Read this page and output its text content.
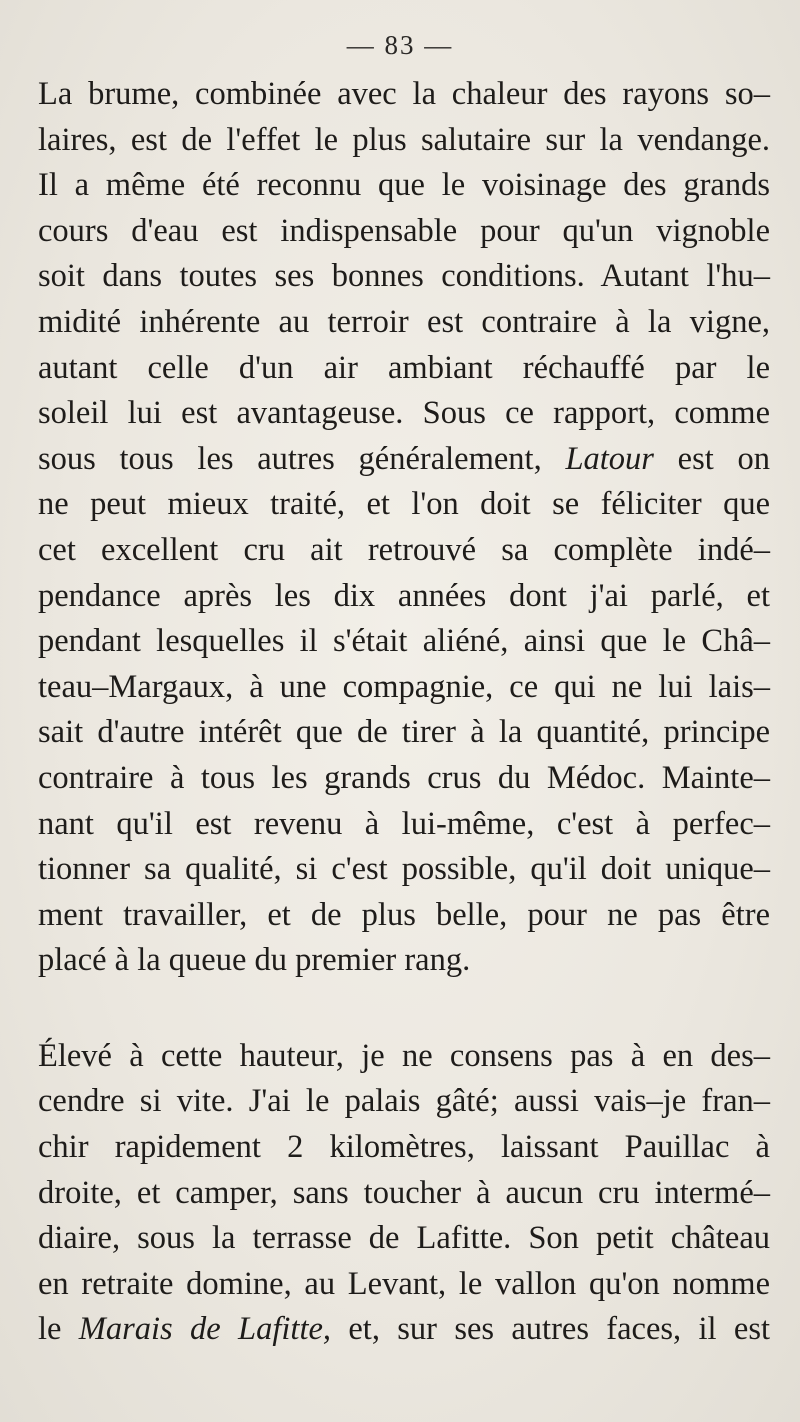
— 83 —

La brume, combinée avec la chaleur des rayons so–
laires, est de l'effet le plus salutaire sur la vendange.
Il a même été reconnu que le voisinage des grands
cours d'eau est indispensable pour qu'un vignoble
soit dans toutes ses bonnes conditions. Autant l'hu–
midité inhérente au terroir est contraire à la vigne,
autant celle d'un air ambiant réchauffé par le
soleil lui est avantageuse. Sous ce rapport, comme
sous tous les autres généralement, Latour est on
ne peut mieux traité, et l'on doit se féliciter que
cet excellent cru ait retrouvé sa complète indé–
pendance après les dix années dont j'ai parlé, et
pendant lesquelles il s'était aliéné, ainsi que le Châ–
teau–Margaux, à une compagnie, ce qui ne lui lais–
sait d'autre intérêt que de tirer à la quantité, principe
contraire à tous les grands crus du Médoc. Mainte–
nant qu'il est revenu à lui-même, c'est à perfec–
tionner sa qualité, si c'est possible, qu'il doit unique–
ment travailler, et de plus belle, pour ne pas être
placé à la queue du premier rang.

Élevé à cette hauteur, je ne consens pas à en des–
cendre si vite. J'ai le palais gâté; aussi vais–je fran–
chir rapidement 2 kilomètres, laissant Pauillac à
droite, et camper, sans toucher à aucun cru intermé–
diaire, sous la terrasse de Lafitte. Son petit château
en retraite domine, au Levant, le vallon qu'on nomme
le Marais de Lafitte, et, sur ses autres faces, il est
